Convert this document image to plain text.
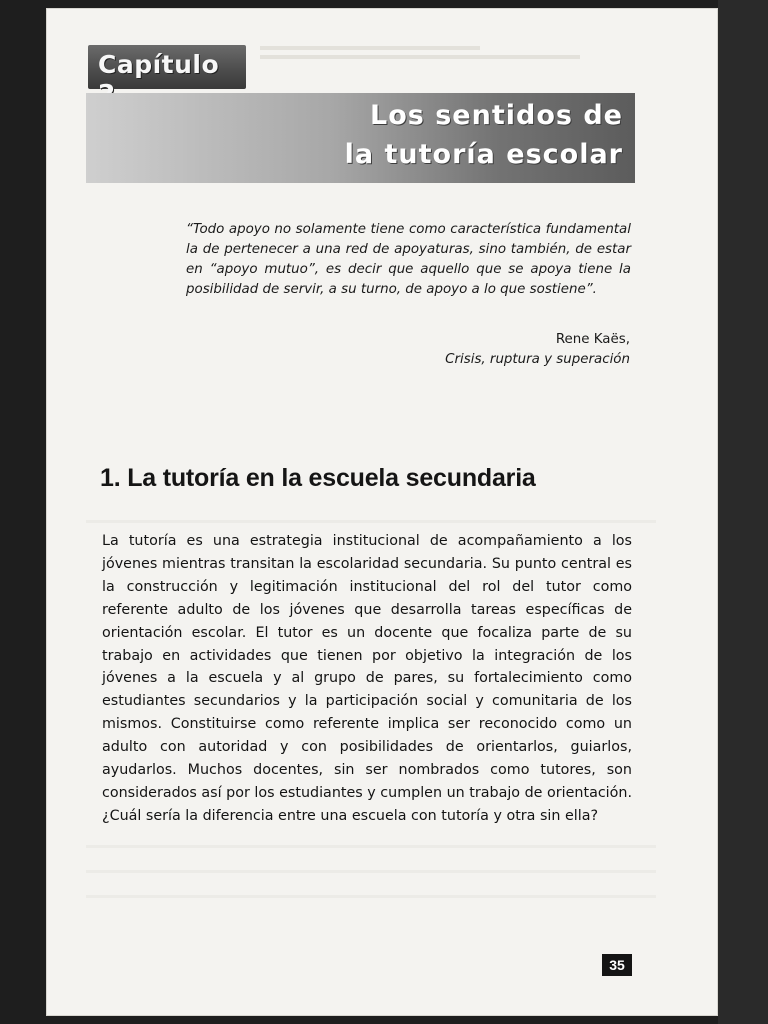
Capítulo
Los sentidos de
la tutoría escolar
“Todo apoyo no solamente tiene como característica fundamental la de pertenecer a una red de apoyaturas, sino también, de estar en “apoyo mutuo”, es decir que aquello que se apoya tiene la posibilidad de servir, a su turno, de apoyo a lo que sostiene”.
Rene Kaës,
Crisis, ruptura y superación
1. La tutoría en la escuela secundaria

La tutoría es una estrategia institucional de acompañamiento a los jóvenes mientras transitan la escolaridad secundaria. Su punto central es la construcción y legitimación institucional del rol del tutor como referente adulto de los jóvenes que desarrolla tareas específicas de orientación escolar. El tutor es un docente que focaliza parte de su trabajo en actividades que tienen por objetivo la integración de los jóvenes a la escuela y al grupo de pares, su fortalecimiento como estudiantes secundarios y la participación social y comunitaria de los mismos. Constituirse como referente implica ser reconocido como un adulto con autoridad y con posibilidades de orientarlos, guiarlos, ayudarlos. Muchos docentes, sin ser nombrados como tutores, son considerados así por los estudiantes y cumplen un trabajo de orientación. ¿Cuál sería la diferencia entre una escuela con tutoría y otra sin ella?

35
